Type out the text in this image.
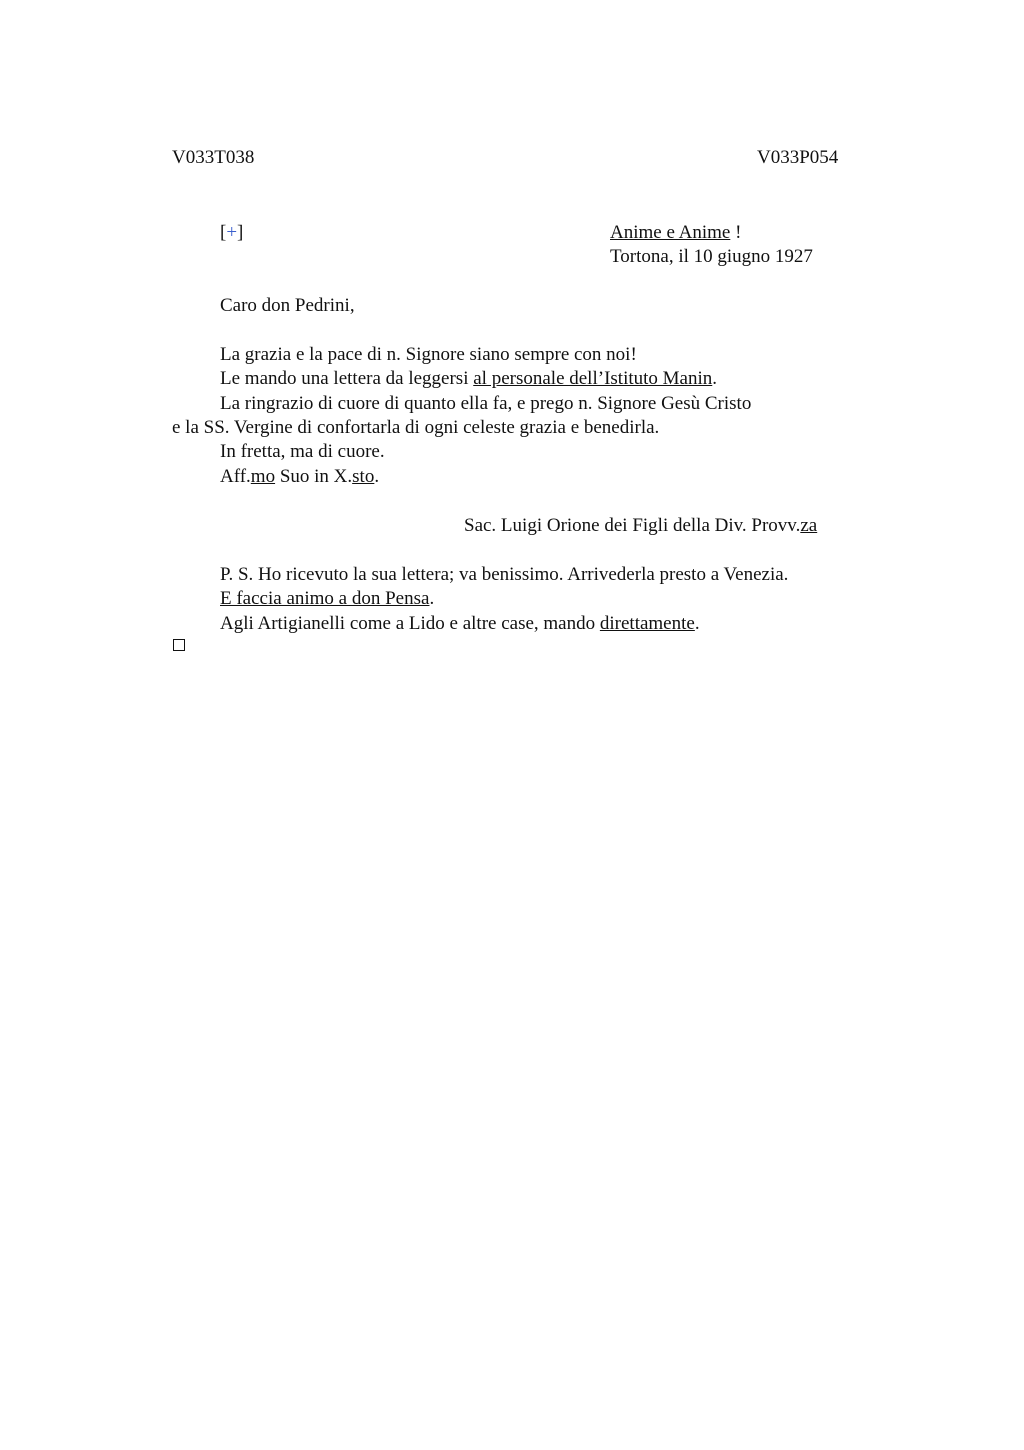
V033T038	V033P054
[+]	Anime e Anime !
Tortona, il 10 giugno 1927
Caro don Pedrini,
La grazia e la pace di n. Signore siano sempre con noi!
Le mando una lettera da leggersi al personale dell’Istituto Manin.
La ringrazio di cuore di quanto ella fa, e prego n. Signore Gesù Cristo
e la SS. Vergine di confortarla di ogni celeste grazia e benedirla.
In fretta, ma di cuore.
Aff.mo Suo in X.sto.
Sac. Luigi Orione dei Figli della Div. Provv.za
P. S. Ho ricevuto la sua lettera; va benissimo. Arrivederla presto a Venezia.
E faccia animo a don Pensa.
Agli Artigianelli come a Lido e altre case, mando direttamente.
